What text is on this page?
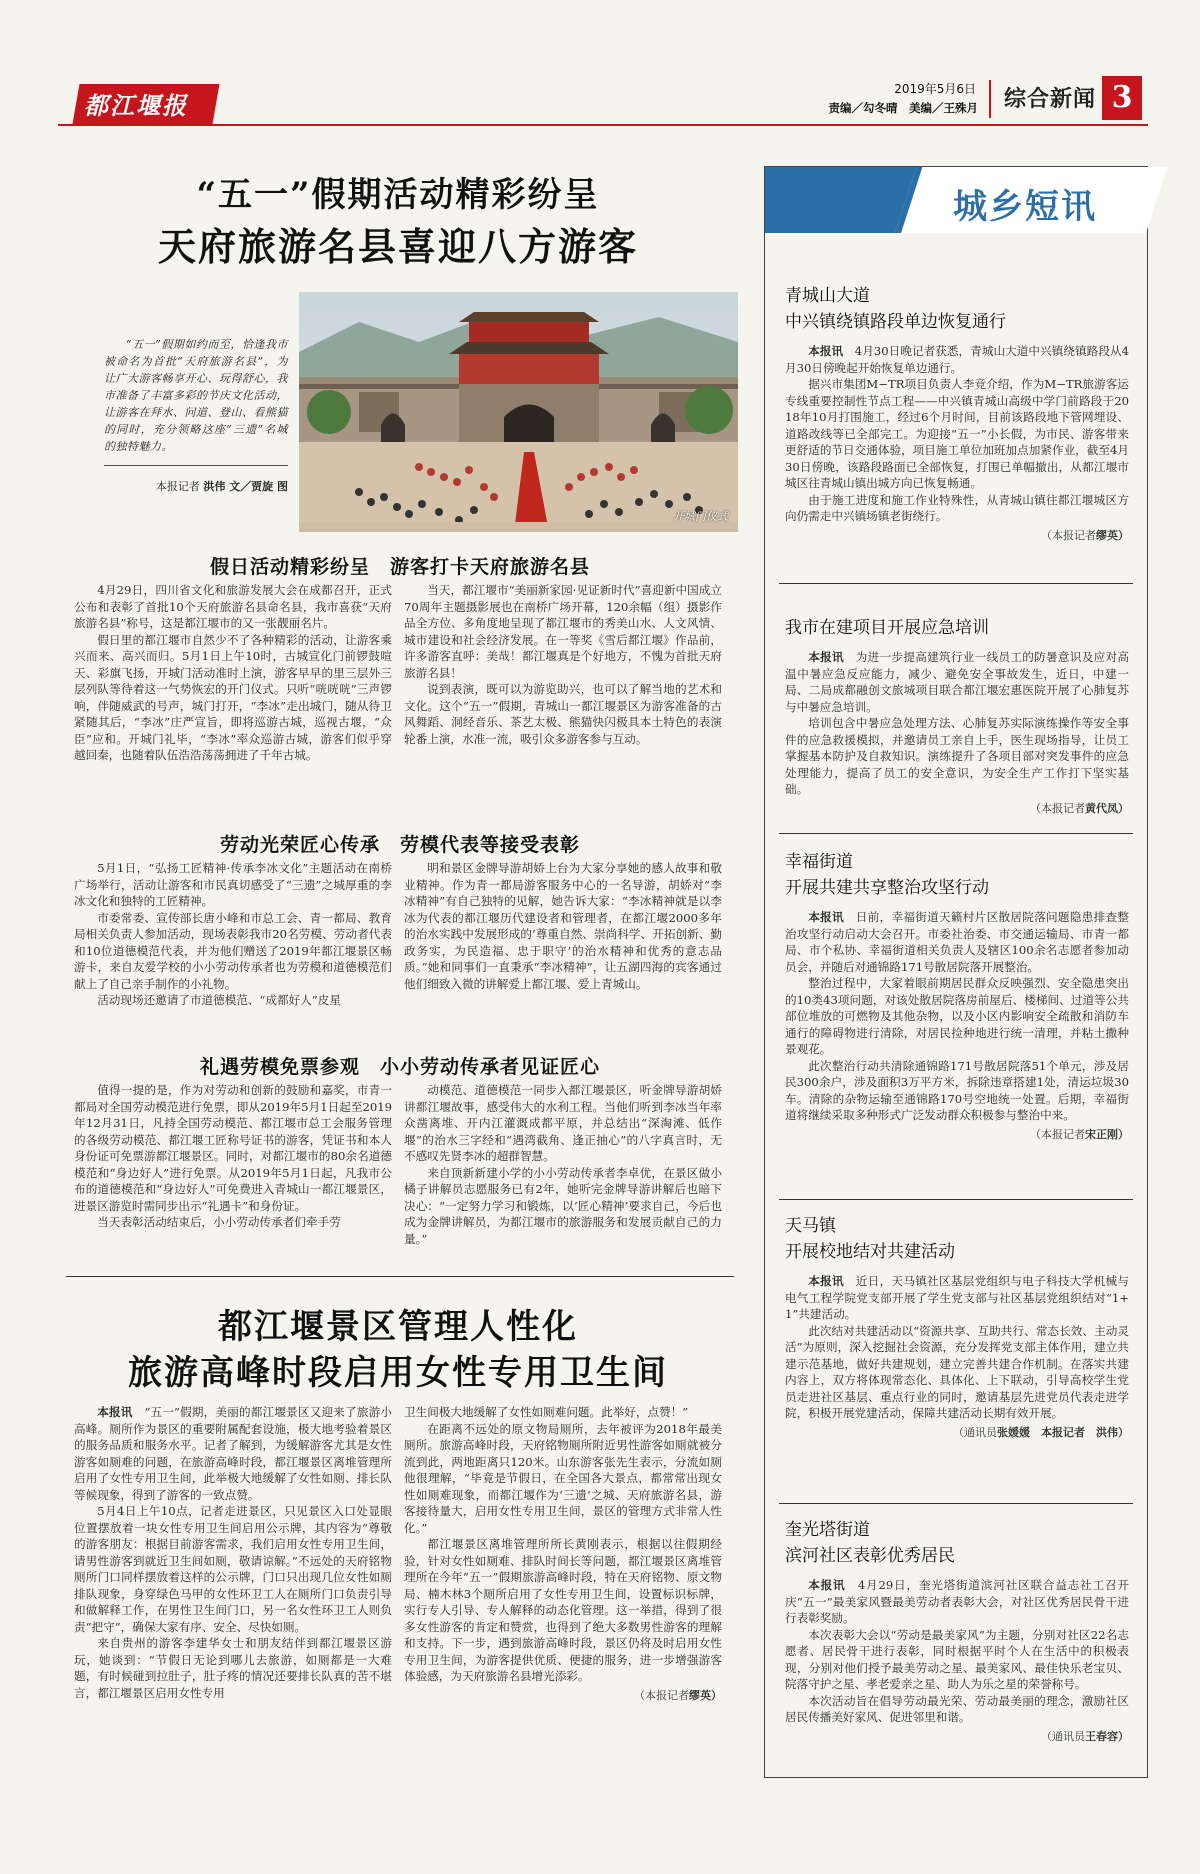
都江堰报
2019年5月6日
责编／勾冬晴　美编／王殊月 综合新闻 3
“五一”假期活动精彩纷呈
天府旅游名县喜迎八方游客
“五一”假期如约而至，恰逢我市被命名为首批“天府旅游名县”，为让广大游客畅享开心、玩得舒心，我市准备了丰富多彩的节庆文化活动，让游客在拜水、问道、登山、看熊猫的同时，充分领略这座“三遗”名城的独特魅力。
本报记者 洪伟 文／贾旋 图
开城门仪式
假日活动精彩纷呈　游客打卡天府旅游名县

4月29日，四川省文化和旅游发展大会在成都召开，正式公布和表彰了首批10个天府旅游名县命名县，我市喜获“天府旅游名县”称号，这是都江堰市的又一张靓丽名片。

假日里的都江堰市自然少不了各种精彩的活动，让游客乘兴而来、高兴而归。5月1日上午10时，古城宣化门前锣鼓喧天、彩旗飞扬，开城门活动准时上演，游客早早的里三层外三层列队等待着这一气势恢宏的开门仪式。只听“咣咣咣”三声锣响，伴随威武的号声，城门打开，“李冰”走出城门，随从待卫紧随其后，“李冰”庄严宣旨，即将巡游古城，巡视古堰，“众臣”应和。开城门礼毕，“李冰”率众巡游古城，游客们似乎穿越回秦，也随着队伍浩浩荡荡拥进了千年古城。

当天，都江堰市“美丽新家园·见证新时代”喜迎新中国成立70周年主题摄影展也在南桥广场开幕，120余幅（组）摄影作品全方位、多角度地呈现了都江堰市的秀美山水、人文风情、城市建设和社会经济发展。在一等奖《雪后都江堰》作品前，许多游客直呼：美哉！都江堰真是个好地方，不愧为首批天府旅游名县！

说到表演，既可以为游览助兴，也可以了解当地的艺术和文化。这个“五一”假期，青城山一都江堰景区为游客准备的古风舞蹈、洞经音乐、茶艺太极、熊猫快闪极具本土特色的表演轮番上演，水准一流，吸引众多游客参与互动。

劳动光荣匠心传承　劳模代表等接受表彰

5月1日，“弘扬工匠精神·传承李冰文化”主题活动在南桥广场举行，活动让游客和市民真切感受了“三遗”之城厚重的李冰文化和独特的工匠精神。

市委常委、宣传部长唐小峰和市总工会、青一都局、教育局相关负责人参加活动，现场表彰我市20名劳模、劳动者代表和10位道德模范代表，并为他们赠送了2019年都江堰景区畅游卡，来自友爱学校的小小劳动传承者也为劳模和道德模范们献上了自己亲手制作的小礼物。

活动现场还邀请了市道德模范、“成都好人”皮星

明和景区金牌导游胡娇上台为大家分享她的感人故事和敬业精神。作为青一都局游客服务中心的一名导游，胡娇对“李冰精神”有自己独特的见解，她告诉大家：“李冰精神就是以李冰为代表的都江堰历代建设者和管理者，在都江堰2000多年的治水实践中发展形成的‘尊重自然、崇尚科学、开拓创新、勤政务实，为民造福、忠于职守’的治水精神和优秀的意志品质。”她和同事们一直秉承“李冰精神”，让五湖四海的宾客通过他们细致入微的讲解爱上都江堰、爱上青城山。

礼遇劳模免票参观　小小劳动传承者见证匠心

值得一提的是，作为对劳动和创新的鼓励和嘉奖，市青一都局对全国劳动模范进行免票，即从2019年5月1日起至2019年12月31日，凡持全国劳动模范、都江堰市总工会服务管理的各级劳动模范、都江堰工匠称号证书的游客，凭证书和本人身份证可免票游都江堰景区。同时，对都江堰市的80余名道德模范和“身边好人”进行免票。从2019年5月1日起，凡我市公布的道德模范和“身边好人”可免费进入青城山一都江堰景区，进景区游览时需同步出示“礼遇卡”和身份证。

当天表彰活动结束后，小小劳动传承者们牵手劳

动模范、道德模范一同步入都江堰景区，听金牌导游胡娇讲都江堰故事，感受伟大的水利工程。当他们听到李冰当年率众凿离堆、开内江灌溉成都平原，并总结出“深淘滩、低作堰”的治水三字经和“遇湾截角、逢正抽心”的八字真言时，无不感叹先贤李冰的超群智慧。

来自顶新新建小学的小小劳动传承者李卓优，在景区做小橘子讲解员志愿服务已有2年，她听完金牌导游讲解后也暗下决心：“一定努力学习和锻炼，以‘匠心精神’要求自己，今后也成为金牌讲解员，为都江堰市的旅游服务和发展贡献自己的力量。”

都江堰景区管理人性化
旅游高峰时段启用女性专用卫生间

本报讯　“五一”假期，美丽的都江堰景区又迎来了旅游小高峰。厕所作为景区的重要附属配套设施，极大地考验着景区的服务品质和服务水平。记者了解到，为缓解游客尤其是女性游客如厕难的问题，在旅游高峰时段，都江堰景区离堆管理所启用了女性专用卫生间，此举极大地缓解了女性如厕、排长队等候现象，得到了游客的一致点赞。

5月4日上午10点，记者走进景区，只见景区入口处显眼位置摆放着一块女性专用卫生间启用公示牌，其内容为“尊敬的游客朋友：根据目前游客需求，我们启用女性专用卫生间，请男性游客到就近卫生间如厕，敬请谅解。”不远处的天府铭物厕所门口同样摆放着这样的公示牌，门口只出现几位女性如厕排队现象，身穿绿色马甲的女性环卫工人在厕所门口负责引导和做解释工作，在男性卫生间门口，另一名女性环卫工人则负责“把守”，确保大家有序、安全、尽快如厕。

来自贵州的游客李建华女士和朋友结伴到都江堰景区游玩，她谈到：“节假日无论到哪儿去旅游，如厕都是一大难题，有时候碰到拉肚子，肚子疼的情况还要排长队真的苦不堪言，都江堰景区启用女性专用

卫生间极大地缓解了女性如厕难问题。此举好，点赞！”

在距离不远处的原文物局厕所，去年被评为2018年最美厕所。旅游高峰时段，天府铭物厕所附近男性游客如厕就被分流到此，两地距离只120米。山东游客张先生表示，分流如厕他很理解，“毕竟是节假日，在全国各大景点，都常常出现女性如厕难现象，而都江堰作为‘三遗’之城、天府旅游名县，游客接待量大，启用女性专用卫生间，景区的管理方式非常人性化。”

都江堰景区离堆管理所所长黄刚表示，根据以往假期经验，针对女性如厕难、排队时间长等问题，都江堰景区离堆管理所在今年“五一”假期旅游高峰时段，特在天府铭物、原文物局、楠木林3个厕所启用了女性专用卫生间，设置标识标牌，实行专人引导、专人解释的动态化管理。这一举措，得到了很多女性游客的肯定和赞赏，也得到了绝大多数男性游客的理解和支持。下一步，遇到旅游高峰时段，景区仍将及时启用女性专用卫生间，为游客提供优质、便捷的服务，进一步增强游客体验感，为天府旅游名县增光添彩。

（本报记者缪英）
城乡短讯
青城山大道
中兴镇绕镇路段单边恢复通行

本报讯　 4月30日晚记者获悉，青城山大道中兴镇绕镇路段从4月30日傍晚起开始恢复单边通行。

据兴市集团M−TR项目负责人李竞介绍，作为M−TR旅游客运专线重要控制性节点工程——中兴镇青城山高级中学门前路段于2018年10月打围施工，经过6个月时间，目前该路段地下管网埋设、道路改线等已全部完工。为迎接“五一”小长假，为市民、游客带来更舒适的节日交通体验，项目施工单位加班加点加紧作业，截至4月30日傍晚，该路段路面已全部恢复，打围已单幅撤出，从都江堰市城区往青城山镇出城方向已恢复畅通。

由于施工进度和施工作业特殊性，从青城山镇往都江堰城区方向仍需走中兴镇场镇老街绕行。

（本报记者缪英）
我市在建项目开展应急培训

本报讯　 为进一步提高建筑行业一线员工的防暑意识及应对高温中暑应急反应能力，减少、避免安全事故发生，近日，中建一局、二局成都融创文旅城项目联合都江堰宏惠医院开展了心肺复苏与中暑应急培训。

培训包含中暑应急处理方法、心肺复苏实际演练操作等安全事件的应急救援模拟，并邀请员工亲自上手，医生现场指导，让员工掌握基本防护及自救知识。演练提升了各项目部对突发事件的应急处理能力，提高了员工的安全意识，为安全生产工作打下坚实基础。

（本报记者黄代凤）
幸福街道
开展共建共享整治攻坚行动

本报讯　 日前，幸福街道天籁村片区散居院落问题隐患排查整治攻坚行动启动大会召开。市委社治委、市交通运输局、市青一都局、市个私协、幸福街道相关负责人及辖区100余名志愿者参加动员会，并随后对通锦路171号散居院落开展整治。

整治过程中，大家着眼前期居民群众反映强烈、安全隐患突出的10类43项问题，对该处散居院落房前屋后、楼梯间、过道等公共部位堆放的可燃物及其他杂物，以及小区内影响安全疏散和消防车通行的障碍物进行清除，对居民捡种地进行统一清理，并粘土撒种景观花。

此次整治行动共清除通锦路171号散居院落51个单元，涉及居民300余户，涉及面积3万平方米，拆除违章搭建1处，清运垃圾30车。清除的杂物运输至通锦路170号空地统一处置。后期，幸福街道将继续采取多种形式广泛发动群众积极参与整治中来。

（本报记者宋正刚）
天马镇
开展校地结对共建活动

本报讯　 近日，天马镇社区基层党组织与电子科技大学机械与电气工程学院党支部开展了学生党支部与社区基层党组织结对“1+1”共建活动。

此次结对共建活动以“资源共享、互助共行、常态长效、主动灵活”为原则，深入挖掘社会资源，充分发挥党支部主体作用，建立共建示范基地，做好共建规划，建立完善共建合作机制。在落实共建内容上，双方将体现常态化、具体化、上下联动，引导高校学生党员走进社区基层、重点行业的同时，邀请基层先进党员代表走进学院，积极开展党建活动，保障共建活动长期有效开展。

（通讯员张媛媛　本报记者　洪伟）
奎光塔街道
滨河社区表彰优秀居民

本报讯　 4月29日，奎光塔街道滨河社区联合益志社工召开庆“五一”最美家风暨最美劳动者表彰大会，对社区优秀居民骨干进行表彰奖励。

本次表彰大会以“劳动是最美家风”为主题，分别对社区22名志愿者、居民骨干进行表彰，同时根据平时个人在生活中的积极表现，分别对他们授予最美劳动之星、最美家风、最佳快乐老宝贝、院落守护之星、孝老爱亲之星、助人为乐之星的荣誉称号。

本次活动旨在倡导劳动最光荣、劳动最美丽的理念，激励社区居民传播美好家风、促进邻里和谐。

（通讯员王春容）
